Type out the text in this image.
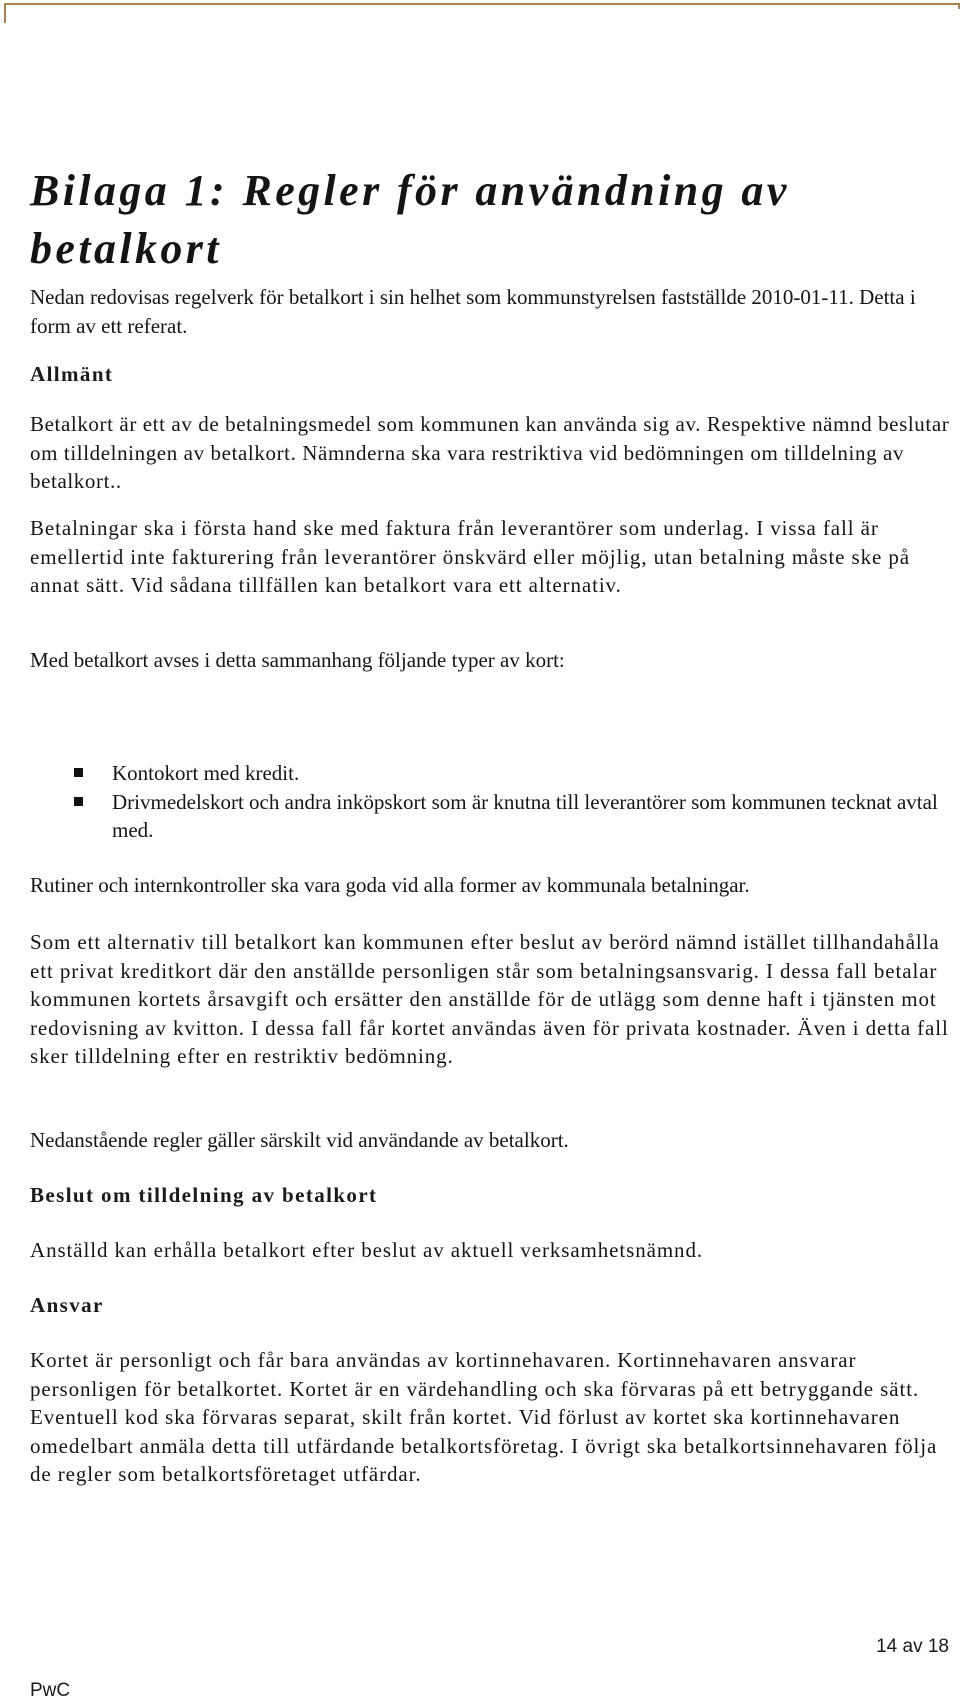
Bilaga 1: Regler för användning av betalkort

Nedan redovisas regelverk för betalkort i sin helhet som kommunstyrelsen fastställde 2010-01-11. Detta i form av ett referat.

Allmänt

Betalkort är ett av de betalningsmedel som kommunen kan använda sig av. Respektive nämnd beslutar om tilldelningen av betalkort. Nämnderna ska vara restriktiva vid bedömningen om tilldelning av betalkort..

Betalningar ska i första hand ske med faktura från leverantörer som underlag. I vissa fall är emellertid inte fakturering från leverantörer önskvärd eller möjlig, utan betalning måste ske på annat sätt. Vid sådana tillfällen kan betalkort vara ett alternativ.

Med betalkort avses i detta sammanhang följande typer av kort:

Kontokort med kredit.
Drivmedelskort och andra inköpskort som är knutna till leverantörer som kommunen tecknat avtal med.

Rutiner och internkontroller ska vara goda vid alla former av kommunala betalningar.

Som ett alternativ till betalkort kan kommunen efter beslut av berörd nämnd istället tillhandahålla ett privat kreditkort där den anställde personligen står som betalningsansvarig. I dessa fall betalar kommunen kortets årsavgift och ersätter den anställde för de utlägg som denne haft i tjänsten mot redovisning av kvitton. I dessa fall får kortet användas även för privata kostnader. Även i detta fall sker tilldelning efter en restriktiv bedömning.

Nedanstående regler gäller särskilt vid användande av betalkort.

Beslut om tilldelning av betalkort

Anställd kan erhålla betalkort efter beslut av aktuell verksamhetsnämnd.

Ansvar

Kortet är personligt och får bara användas av kortinnehavaren. Kortinnehavaren ansvarar personligen för betalkortet. Kortet är en värdehandling och ska förvaras på ett betryggande sätt. Eventuell kod ska förvaras separat, skilt från kortet. Vid förlust av kortet ska kortinnehavaren omedelbart anmäla detta till utfärdande betalkortsföretag. I övrigt ska betalkortsinnehavaren följa de regler som betalkortsföretaget utfärdar.

14 av 18

PwC
